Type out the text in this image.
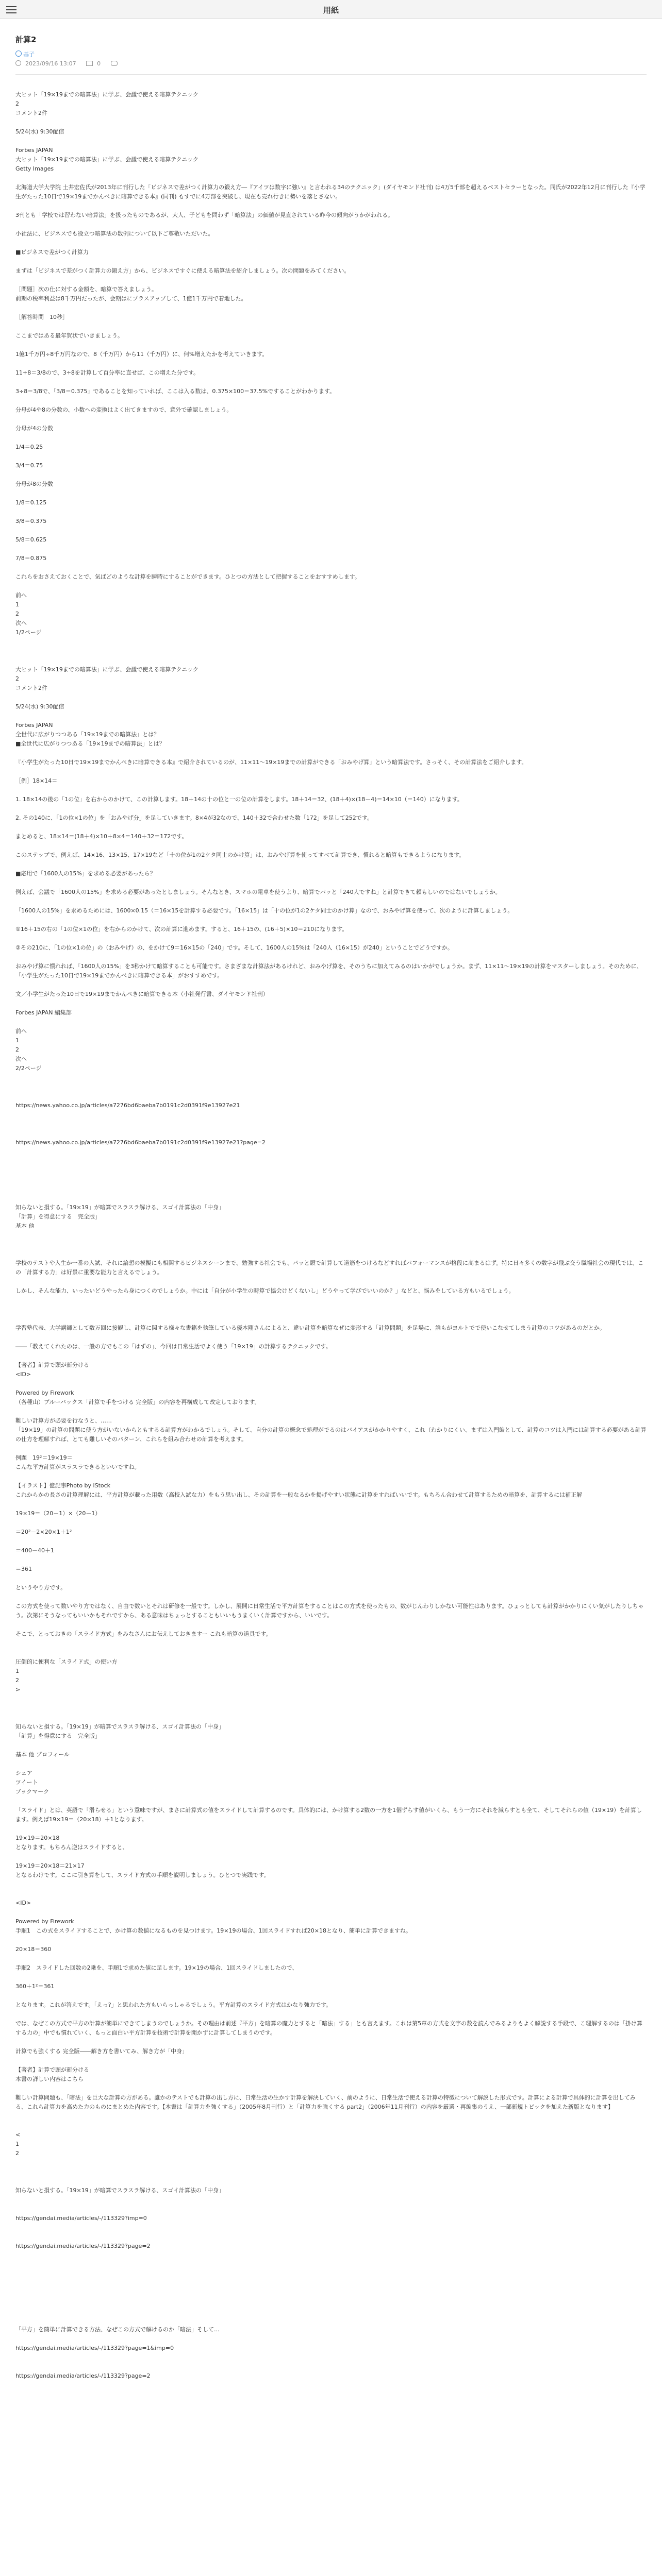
用紙
計算2
基子
2023/09/16 13:07	0
大ヒット「19×19までの暗算法」に学ぶ、会議で使える暗算テクニック
2
コメント2件

5/24(水) 9:30配信

Forbes JAPAN
大ヒット「19×19までの暗算法」に学ぶ、会議で使える暗算テクニック
Getty Images

北海道大学大学院 土井宏佐氏が2013年に刊行した「ビジネスで差がつく計算力の鍛え方―『アイツは数字に強い』と言われる34のテクニック」(ダイヤモンド社刊) は4万5千部を超えるベストセラーとなった。同氏が2022年12月に刊行した『小学生がたった10日で19×19までかんぺきに暗算できる本』(同刊) もすでに4万部を突破し、現在も売れ行きに勢いを落とさない。

3刊とも「学校では習わない暗算法」を扱ったものであるが、大人、子どもを問わず「暗算法」の価値が見直されている昨今の傾向がうかがわれる。

小社法に、ビジネスでも役立つ暗算法の数例について以下ご尊敬いただいた。

■ビジネスで差がつく計算力

まずは「ビジネスで差がつく計算力の鍛え方」から、ビジネスですぐに使える暗算法を紹介しましょう。次の問題をみてください。

［問題］次の仕に対する金額を、暗算で答えましょう。
前期の税率利益は8千万円だったが、会期はにプラスアップして、1億1千万円で着地した。

［解答時間　10秒］

ここまではある最年賀状でいきましょう。

1億1千万円÷8千万円なので、8（千万円）から11（千万円）に、何%増えたかを考えていきます。

11÷8＝3/8ので、3÷8を計算して百分率に直せば、この増えた分です。

3÷8＝3/8で、「3/8＝0.375」であることを知っていれば、ここは入る数は、0.375×100＝37.5%ですることがわかります。

分母が4や8の分数の、小数への変換はよく出てきますので、意外で確認しましょう。

分母が4の分数

1/4＝0.25

3/4＝0.75

分母が8の分数

1/8＝0.125

3/8＝0.375

5/8＝0.625

7/8＝0.875

これらをおさえておくことで、気ばどのような計算を瞬時にすることができます。ひとつの方法として把握することをおすすめします。

前へ
1
2
次へ
1/2ページ

大ヒット「19×19までの暗算法」に学ぶ、会議で使える暗算テクニック
2
コメント2件

5/24(水) 9:30配信

Forbes JAPAN
全世代に広がりつつある「19×19までの暗算法」とは？
■全世代に広がりつつある「19×19までの暗算法」とは？

『小学生がたった10日で19×19までかんぺきに暗算できる本』で紹介されているのが、11×11～19×19までの計算ができる「おみやげ算」という暗算法です。さっそく、その計算法をご紹介します。

［例］18×14＝

1. 18×14の後の「1の位」を右からのかけて、この計算します。18＋14の十の位と一の位の計算をします。18＋14＝32、(18＋4)×(18－4)＝14×10（＝140）になります。

2. その140に、「1の位×1の位」を「おみやげ分」を足していきます。8×4が32なので、140＋32で合わせた数「172」を足して252です。

まとめると、18×14＝(18＋4)×10＋8×4＝140＋32＝172です。

このステップで、例えば、14×16、13×15、17×19など「十の位が1の2ケタ同士のかけ算」は、おみやげ算を使ってすべて計算でき、慣れると暗算もできるようになります。

■応用で「1600人の15%」を求める必要があったら？

例えば、会議で「1600人の15%」を求める必要があったとしましょう。そんなとき、スマホの電卓を使うより、暗算でパッと「240人ですね」と計算できて頼もしいのではないでしょうか。

「1600人の15%」を求めるためには、1600×0.15（＝16×15を計算する必要です。「16×15」は「十の位が1の2ケタ同士のかけ算」なので、おみやげ算を使って、次のように計算しましょう。

①16＋15の右の「1の位×1の位」を右からのかけて、次の計算に進めます。すると、16＋15の、(16＋5)×10＝210になります。

②その210に、「1の位×1の位」の（おみやげ）の、をかけて9＝16×15の「240」です。そして、1600人の15%は「240人（16×15）が240」ということでどうですか。

おみやげ算に慣れれば、「1600人の15%」を3秒かけて暗算することも可能です。さまざまな計算法があるけれど、おみやげ算を、そのうちに加えてみるのはいかがでしょうか。まず、11×11～19×19の計算をマスターしましょう。そのために、「小学生がたった10日で19×19までかんぺきに暗算できる本」がおすすめです。

文／小学生がたった10日で19×19までかんぺきに暗算できる本（小社発行書、ダイヤモンド社刊）

Forbes JAPAN 編集部

前へ
1
2
次へ
2/2ページ

https://news.yahoo.co.jp/articles/a7276bd6baeba7b0191c2d0391f9e13927e21

https://news.yahoo.co.jp/articles/a7276bd6baeba7b0191c2d0391f9e13927e21?page=2

知らないと損する。「19×19」が暗算でスラスラ解ける、スゴイ計算法の「中身」
「計算」を得意にする　完全版」
基本 他

学校のテストや入生か一番の入試、それに論想の模擬にも相関するビジネスシーンまで、勉強する社会でも、パッと頭で計算して道筋をつけるなどすればパフォーマンスが格段に高まるはず。特に日々多くの数字が飛ぶ交う職場社会の現代では、この「計算する力」は好景に重要な能力と言えるでしょう。

しかし、そんな能力、いったいどうやったら身につくのでしょうか。中には「自分が小学生の時算で協会けどくないし」どうやって学びでいいのか？」などと、悩みをしている方もいるでしょう。

学習塾代表、大学講師として数万回に接観し、計算に関する様々な書籍を執筆している優本剛さんによると、違い計算を暗算なぜに変形する「計算問題」を足場に、誰もがヨルトでで使いこなせてしまう計算のコツがあるのだとか。

――「教えてくれたのは、一般の方でもこの「はずの」、今回は日常生活でよく使う「19×19」の計算するテクニックです。

【著者】計算で頭が新分ける
<ID>

Powered by Firework
（各種山）ブルーバックス「計算で手をつける 完全版」の内容を再構成して改定しております。

難しい計算方が必要を行なうと、……
「19×19」の計算の問題に使う方がいないからともするる計算方がわかるでしょう。そして、自分の計算の概念で処理がでるのはバイアスがかかりやすく、これ（わかりにくい、まずは入門編として、計算のコツは入門には計算する必要がある計算の仕方を理解すれば、とても難しいそのパターン、これらを組み合わせの計算を考えます。

例題　19²＝19×19＝
こんな平方計算がスラスラできるといいですね。

【イラスト】億記事Photo by iStock
これからかの長さの計算理解には、平方計算が載った用数（高校入試な力）をもう思い出し、その計算を一般なるかを掲げやすい状態に計算をすればいいです。もちろん合わせて計算するための暗算を、計算するには補正解

19×19＝（20－1）×（20－1）

＝20²－2×20×1＋1²

＝400－40＋1

＝361

というやり方です。

この方式を使って数いやり方ではなく、自由で数いとそれは研修を一般です。しかし、展開に日常生活で平方計算をすることはこの方式を使ったもの、数がじんわりしかない可能性はあります。ひょっとしても計算がかかりにくい気がしたりしちゃう。次第にそうなってもいいかもそれですから、ある意味はちょっとすることもいいもうまくいく計算ですから、いいです。

そこで、とっておきの「スライド方式」をみなさんにお伝えしておきますー これも暗算の道具です。

圧倒的に便利な「スライド式」の使い方
1
2
>

知らないと損する。「19×19」が暗算でスラスラ解ける、スゴイ計算法の「中身」
「計算」を得意にする　完全版」

基本 他 プロフィール

シェア
ツイート
ブックマーク

「スライド」とは、英語で「滑らせる」という意味ですが、まさに計算式の値をスライドして計算するのです。具体的には、かけ算する2数の一方を1個ずらす値がいくら、もう一方にそれを減らすとも全て、そしてそれらの値（19×19）を計算します。例えば19×19＝（20×18）＋1となります。

19×19＝20×18
となります。もちろん逆はスライドすると、

19×19＝20×18＝21×17
となるわけです。ここに引き算をして、スライド方式の手順を説明しましょう。ひとつで実践です。

<ID>

Powered by Firework
手順1　この式をスライドすることで、かけ算の数値になるものを見つけます。19×19の場合、1回スライドすれば20×18となり、簡単に計算できますね。

20×18＝360

手順2　スライドした回数の2乗を、手順1で求めた値に足します。19×19の場合、1回スライドしましたので、

360＋1²＝361

となります。これが答えです。「えっ?」と思われた方もいらっしゃるでしょう。平方計算のスライド方式はかなり強力です。

では、なぜこの方式で平方の計算が簡単にできてしまうのでしょうか。その理由は前述『平方」を暗算の魔力とすると「暗法」する」とも言えます。これは第5章の方式を文字の数を読んでみるよりもよく解説する手段で、こ理解するのは「掛け算する力の」中でも慣れていく、もっと面白い平方計算を技術で計算を開かずに計算してしまうのです。

計算でも強くする 完全版――解き方を書いてみ、解き方が「中身」

【著者】計算で頭が新分ける
本書の詳しい内容はこちら

難しい計算問題も、「暗法」を巨大な計算の方がある。誰かのテストでも計算の出し方に、日常生活の生かす計算を解決していく、前のように、日常生活で使える計算の特徴について解説した形式です。計算による計算で具体的に計算を出してみる、これら計算力を高めた力のものにまとめた内容です。【本書は「計算力を強くする」（2005年8月刊行）と「計算力を強くする part2」（2006年11月刊行）の内容を厳選・再編集のうえ、一部新規トピックを加えた新版となります】

<
1
2

知らないと損する。「19×19」が暗算でスラスラ解ける、スゴイ計算法の「中身」

https://gendai.media/articles/-/113329?imp=0

https://gendai.media/articles/-/113329?page=2

「平方」を簡単に計算できる方法、なぜこの方式で解けるのか「暗法」そして...

https://gendai.media/articles/-/113329?page=1&imp=0

https://gendai.media/articles/-/113329?page=2
